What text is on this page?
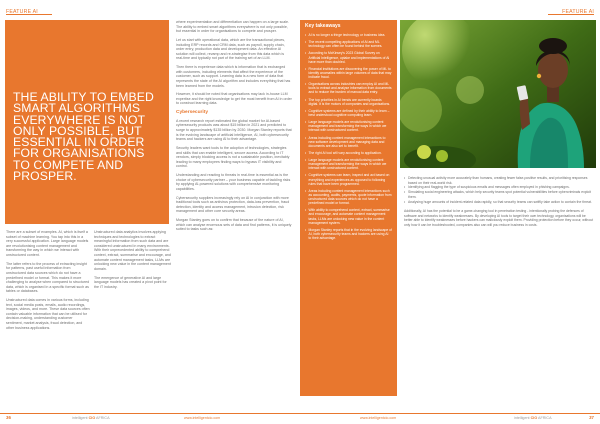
FEATURE AI

THE ABILITY TO EMBED SMART ALGORITHMS EVERYWHERE IS NOT ONLY POSSIBLE, BUT ESSENTIAL IN ORDER FOR ORGANISATIONS TO COMPETE AND PROSPER.

There are a subset of examples. AI, which is itself a subset of machine learning. You tap into this in a very successful application. Large language models are revolutionising content management and transforming the way in which we interact with unstructured content.

The latter refers to the process of extracting insight for patterns, past useful information from unstructured data sources which do not have a predefined model or format. This makes it more challenging to analyse when compared to structured data, which is organised in a specific format such as tables or databases.

Unstructured data comes in various forms, including text, social media posts, emails, audio recordings, images, videos, and more. These data sources often contain valuable information that can be utilised for decision-making, understanding customer sentiment, market analysis, fraud detection, and other business applications.

where experimentation and differentiation can happen on a large scale. The ability to embed smart algorithms everywhere is not only possible, but essential in order for organisations to compete and prosper.

Let us start with operational data, which are the transactional pieces, including ERP records and CRM data, such as payroll, supply chain, order entry, production data and development data. An effective AI solution will collect, revamp and re-strategise from this data which is real-time and typically not part of the training set of an LLM.

Then there is experience data which is information that is exchanged with customers, including elements that affect the experience of the customer, such as support. Learning data is a new form of data that represents the state of the AI algorithm and includes everything that has been learned from the models.

However, it should be noted that organisations may lack in-house LLM expertise and the right knowledge to get the most benefit from AI in order to construct learning data.

Cybersecurity

A recent research report estimated the global market for AI-based cybersecurity products was about $15 billion in 2021 and predicted to surge to approximately $135 billion by 2030. Morgan Stanley reports that is the evolving landscape of artificial intelligence, AI, both cybersecurity teams and hackers are using AI to their advantage.

Security leaders want tools to the adoption of technologies, strategies and skills that can enable intelligent, secure access. According to IT vendors, simply blocking access is not a sustainable position, inevitably leading to many employees finding ways to bypass IT visibility and control.

Understanding and reacting to threats in real-time is essential as is the choice of cybersecurity partner – your business capable of tackling risks by applying AI-powered solutions with comprehensive monitoring capabilities.

Cybersecurity suppliers increasingly rely on AI in conjunction with more traditional tools such as antivirus protection, data-loss prevention, fraud detection, identity and access management, intrusion detection, risk management and other core security areas.

Morgan Stanley goes on to confirm that because of the nature of AI, which can analyse enormous sets of data and find patterns, it is uniquely suited to tasks such as:

Unstructured data analytics involves applying techniques and technologies to extract meaningful information from such data and are considered unstructured in many environments. With their unprecedented ability to comprehend context, extract, summarise and encourage, and automate content management tasks, LLMs are unlocking new value in the content management domain.

The emergence of generative AI and large language models has created a pivot point for the IT industry.

36	intelligent CIO AFRICA	www.intelligentcio.com
FEATURE AI
Key takeaways
• AI is no longer a fringe technology or business idea.
• The recent compelling applications of AI and ML technology can often be found behind the scenes.
• According to McKinsey's 2023 Global Survey on Artificial Intelligence, uptake and implementations of AI have more than doubled.
• Financial institutions are discovering the power of ML to identify anomalies within large volumes of data that may indicate fraud.
• Organisations across industries can employ AI and ML tools to extract and analyse information from documents and to reduce the burden of manual data entry.
• The top priorities in AI trends are currently boards digital. It is the motors of companies and organisations.
• Cognitive systems are defined by their ability to learn – best understood cognitive computing learn.
• Large language models are revolutionising content management and transforming the ways in which we interact with unstructured content.
• Areas including content management interactions to new software development and managing data and documents are also set to benefit.
• The right AI tool will vary according to application.
• Large language models are revolutionising content management and transforming the ways in which we interact with unstructured content.
• Cognitive systems can learn, inspect and act based on everything and experiences as opposed to following rules that have been programmed.
• Areas including content management interactions such as accounting, audits, payments, quote information from unstructured data sources which do not have a predefined model or format.
• With ability to comprehend context, extract, summarise and encourage, and automate content management tasks, LLMs are unlocking new value in the content management system.
• Morgan Stanley reports that in the evolving landscape of AI, both cybersecurity teams and hackers are using AI to their advantage.
• Detecting unusual activity more accurately than humans, creating fewer false-positive results, and prioritising responses based on their real-world risk.
• Identifying and flagging the type of suspicious emails and messages often employed in phishing campaigns.
• Simulating social engineering attacks, which help security teams spot potential vulnerabilities before cybercriminals exploit them.
• Analysing huge amounts of incident-related data rapidly, so that security teams can swiftly take action to contain the threat.

Additionally, AI has the potential to be a game-changing tool in penetration testing - intentionally probing the defences of software and networks to identify weaknesses. By developing AI tools to target their own technology, organisations will be better able to identify weaknesses before hackers can maliciously exploit them. Providing protection before they occur, without only how it can be troubleshooted, companies also can will you reduce business in costs.

www.intelligentcio.com	intelligent CIO AFRICA	37
